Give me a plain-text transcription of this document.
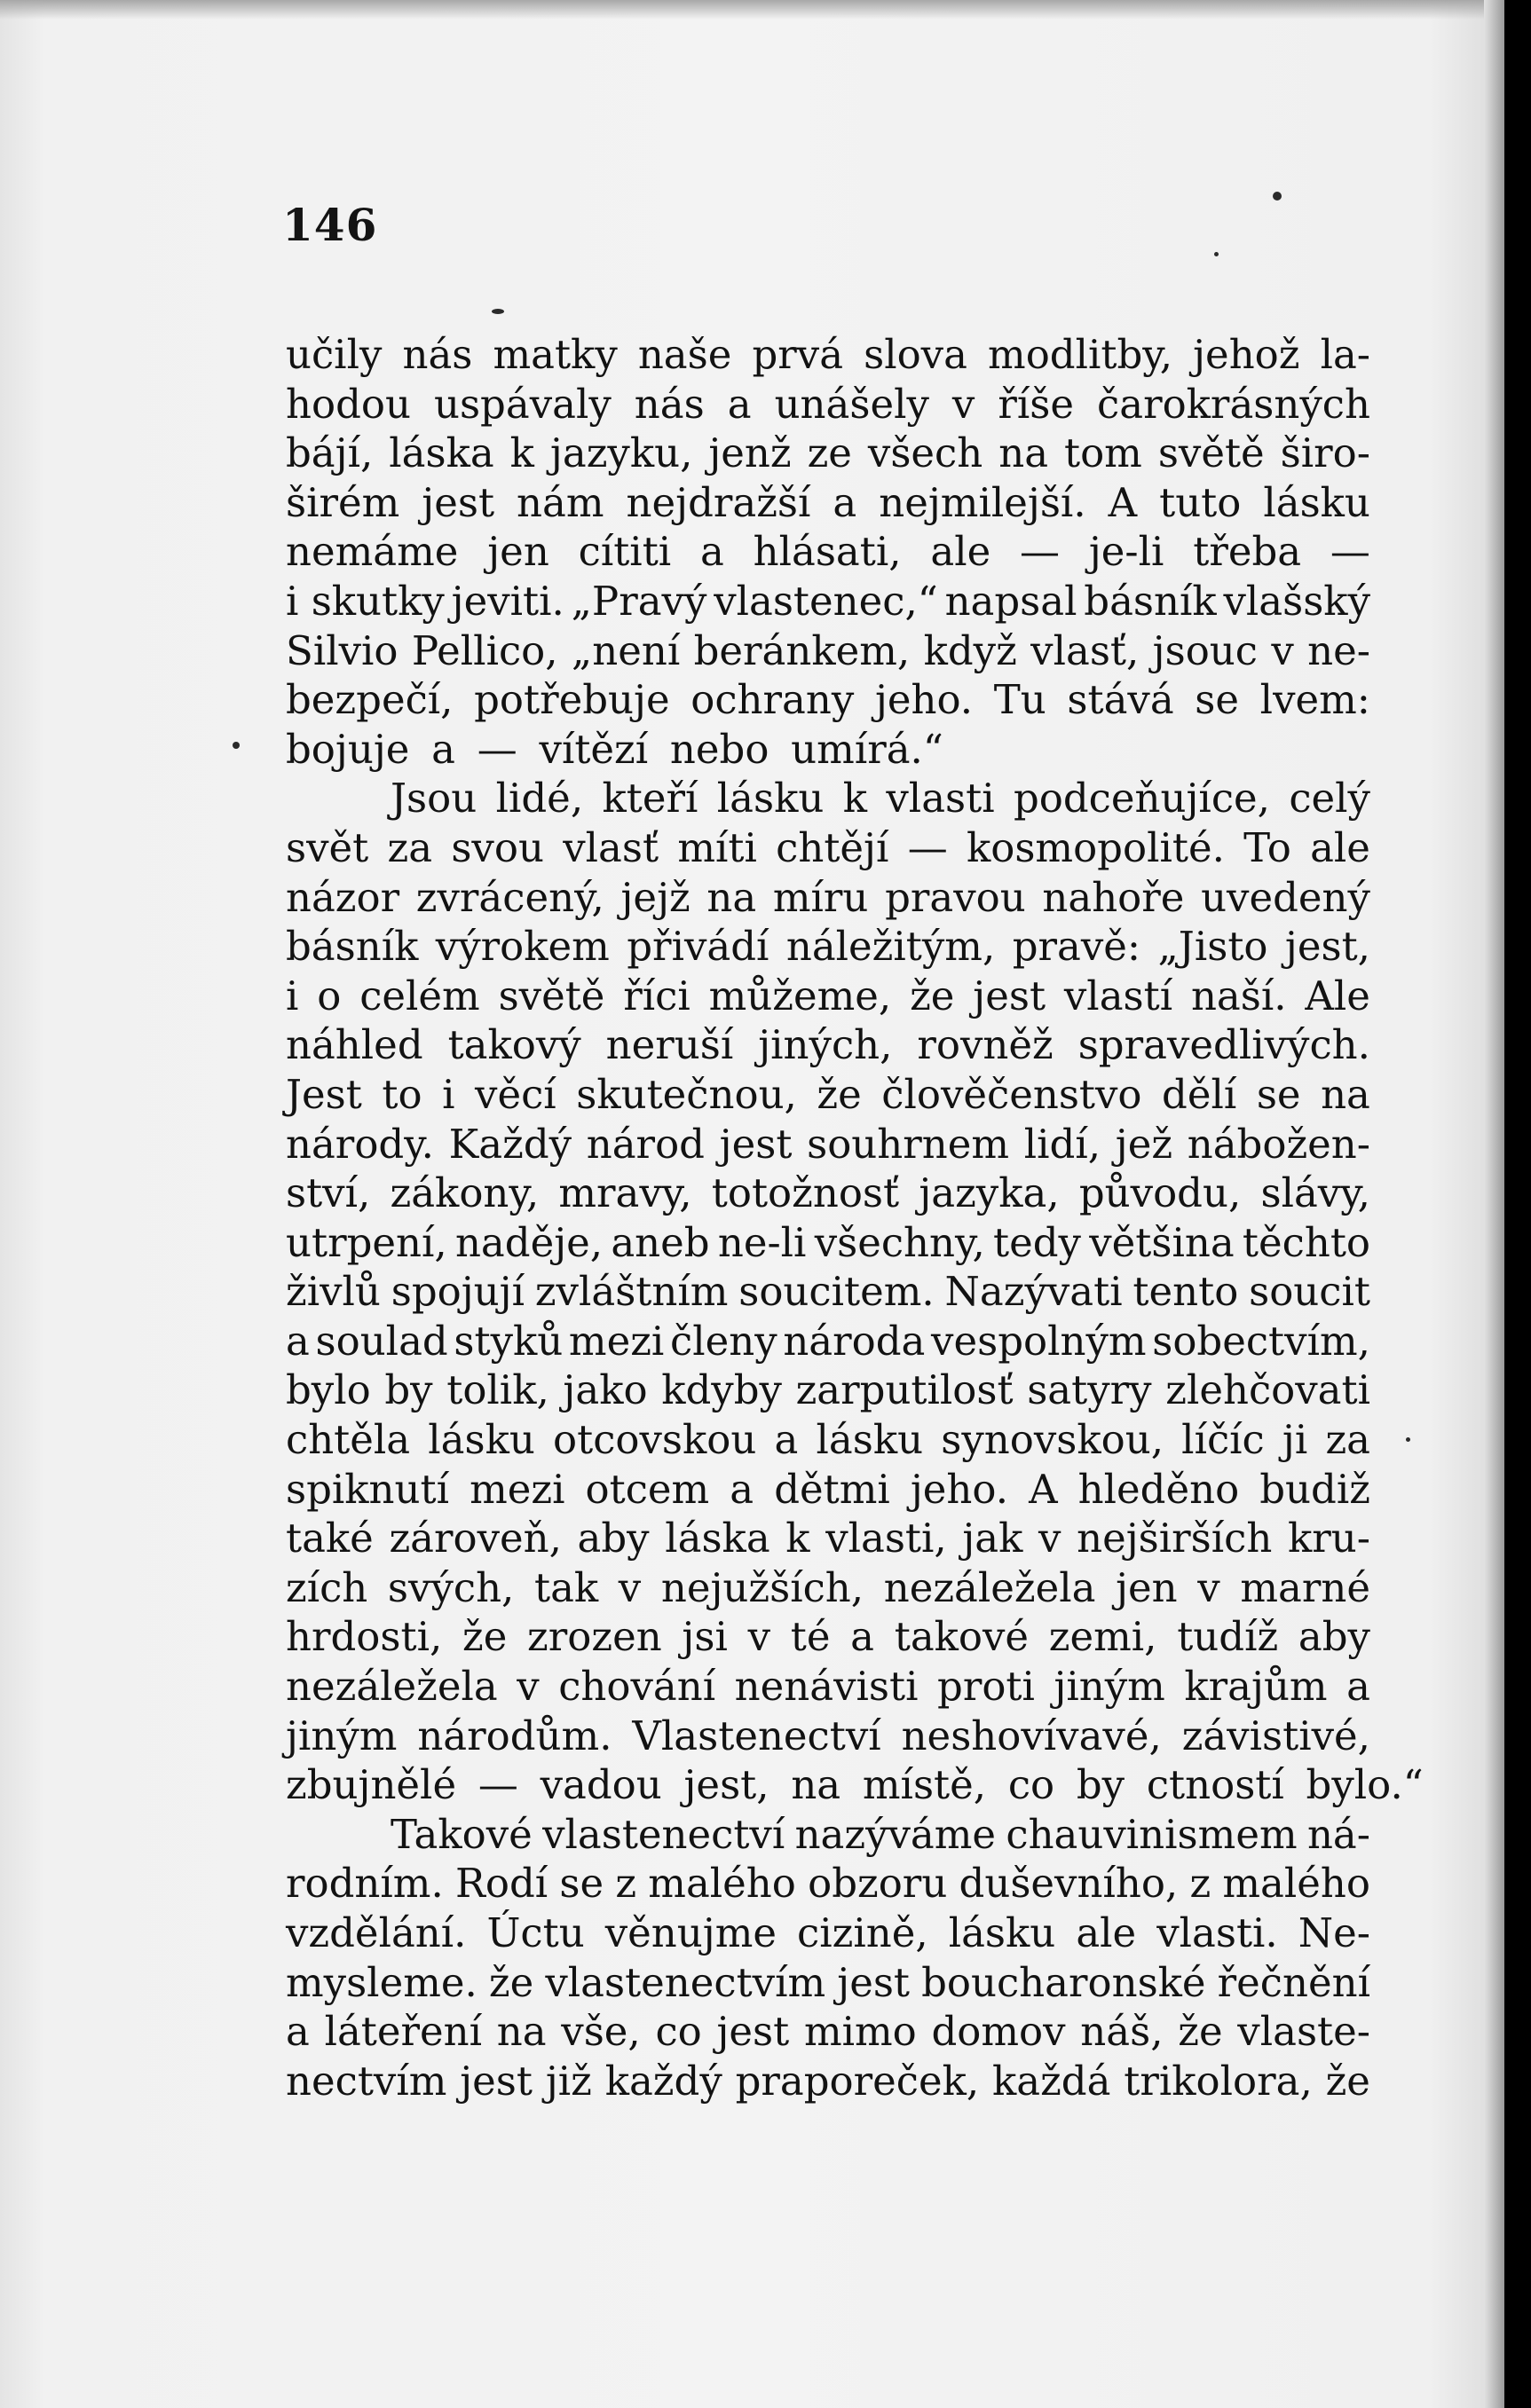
146
učily nás matky naše prvá slova modlitby, jehož la-
hodou uspávaly nás a unášely v říše čarokrásných
bájí, láska k jazyku, jenž ze všech na tom světě širo-
širém jest nám nejdražší a nejmilejší. A tuto lásku
nemáme jen cítiti a hlásati, ale — je-li třeba —
i skutky jeviti. „Pravý vlastenec,“ napsal básník vlašský
Silvio Pellico, „není beránkem, když vlasť, jsouc v ne-
bezpečí, potřebuje ochrany jeho. Tu stává se lvem:
bojuje a — vítězí nebo umírá.“
Jsou lidé, kteří lásku k vlasti podceňujíce, celý
svět za svou vlasť míti chtějí — kosmopolité. To ale
názor zvrácený, jejž na míru pravou nahoře uvedený
básník výrokem přivádí náležitým, pravě: „Jisto jest,
i o celém světě říci můžeme, že jest vlastí naší. Ale
náhled takový neruší jiných, rovněž spravedlivých.
Jest to i věcí skutečnou, že člověčenstvo dělí se na
národy. Každý národ jest souhrnem lidí, jež nábožen-
ství, zákony, mravy, totožnosť jazyka, původu, slávy,
utrpení, naděje, aneb ne-li všechny, tedy většina těchto
živlů spojují zvláštním soucitem. Nazývati tento soucit
a soulad styků mezi členy národa vespolným sobectvím,
bylo by tolik, jako kdyby zarputilosť satyry zlehčovati
chtěla lásku otcovskou a lásku synovskou, líčíc ji za
spiknutí mezi otcem a dětmi jeho. A hleděno budiž
také zároveň, aby láska k vlasti, jak v nejširších kru-
zích svých, tak v nejužších, nezáležela jen v marné
hrdosti, že zrozen jsi v té a takové zemi, tudíž aby
nezáležela v chování nenávisti proti jiným krajům a
jiným národům. Vlastenectví neshovívavé, závistivé,
zbujnělé — vadou jest, na místě, co by ctností bylo.“
Takové vlastenectví nazýváme chauvinismem ná-
rodním. Rodí se z malého obzoru duševního, z malého
vzdělání. Úctu věnujme cizině, lásku ale vlasti. Ne-
mysleme. že vlastenectvím jest boucharonské řečnění
a láteření na vše, co jest mimo domov náš, že vlaste-
nectvím jest již každý praporeček, každá trikolora, že
